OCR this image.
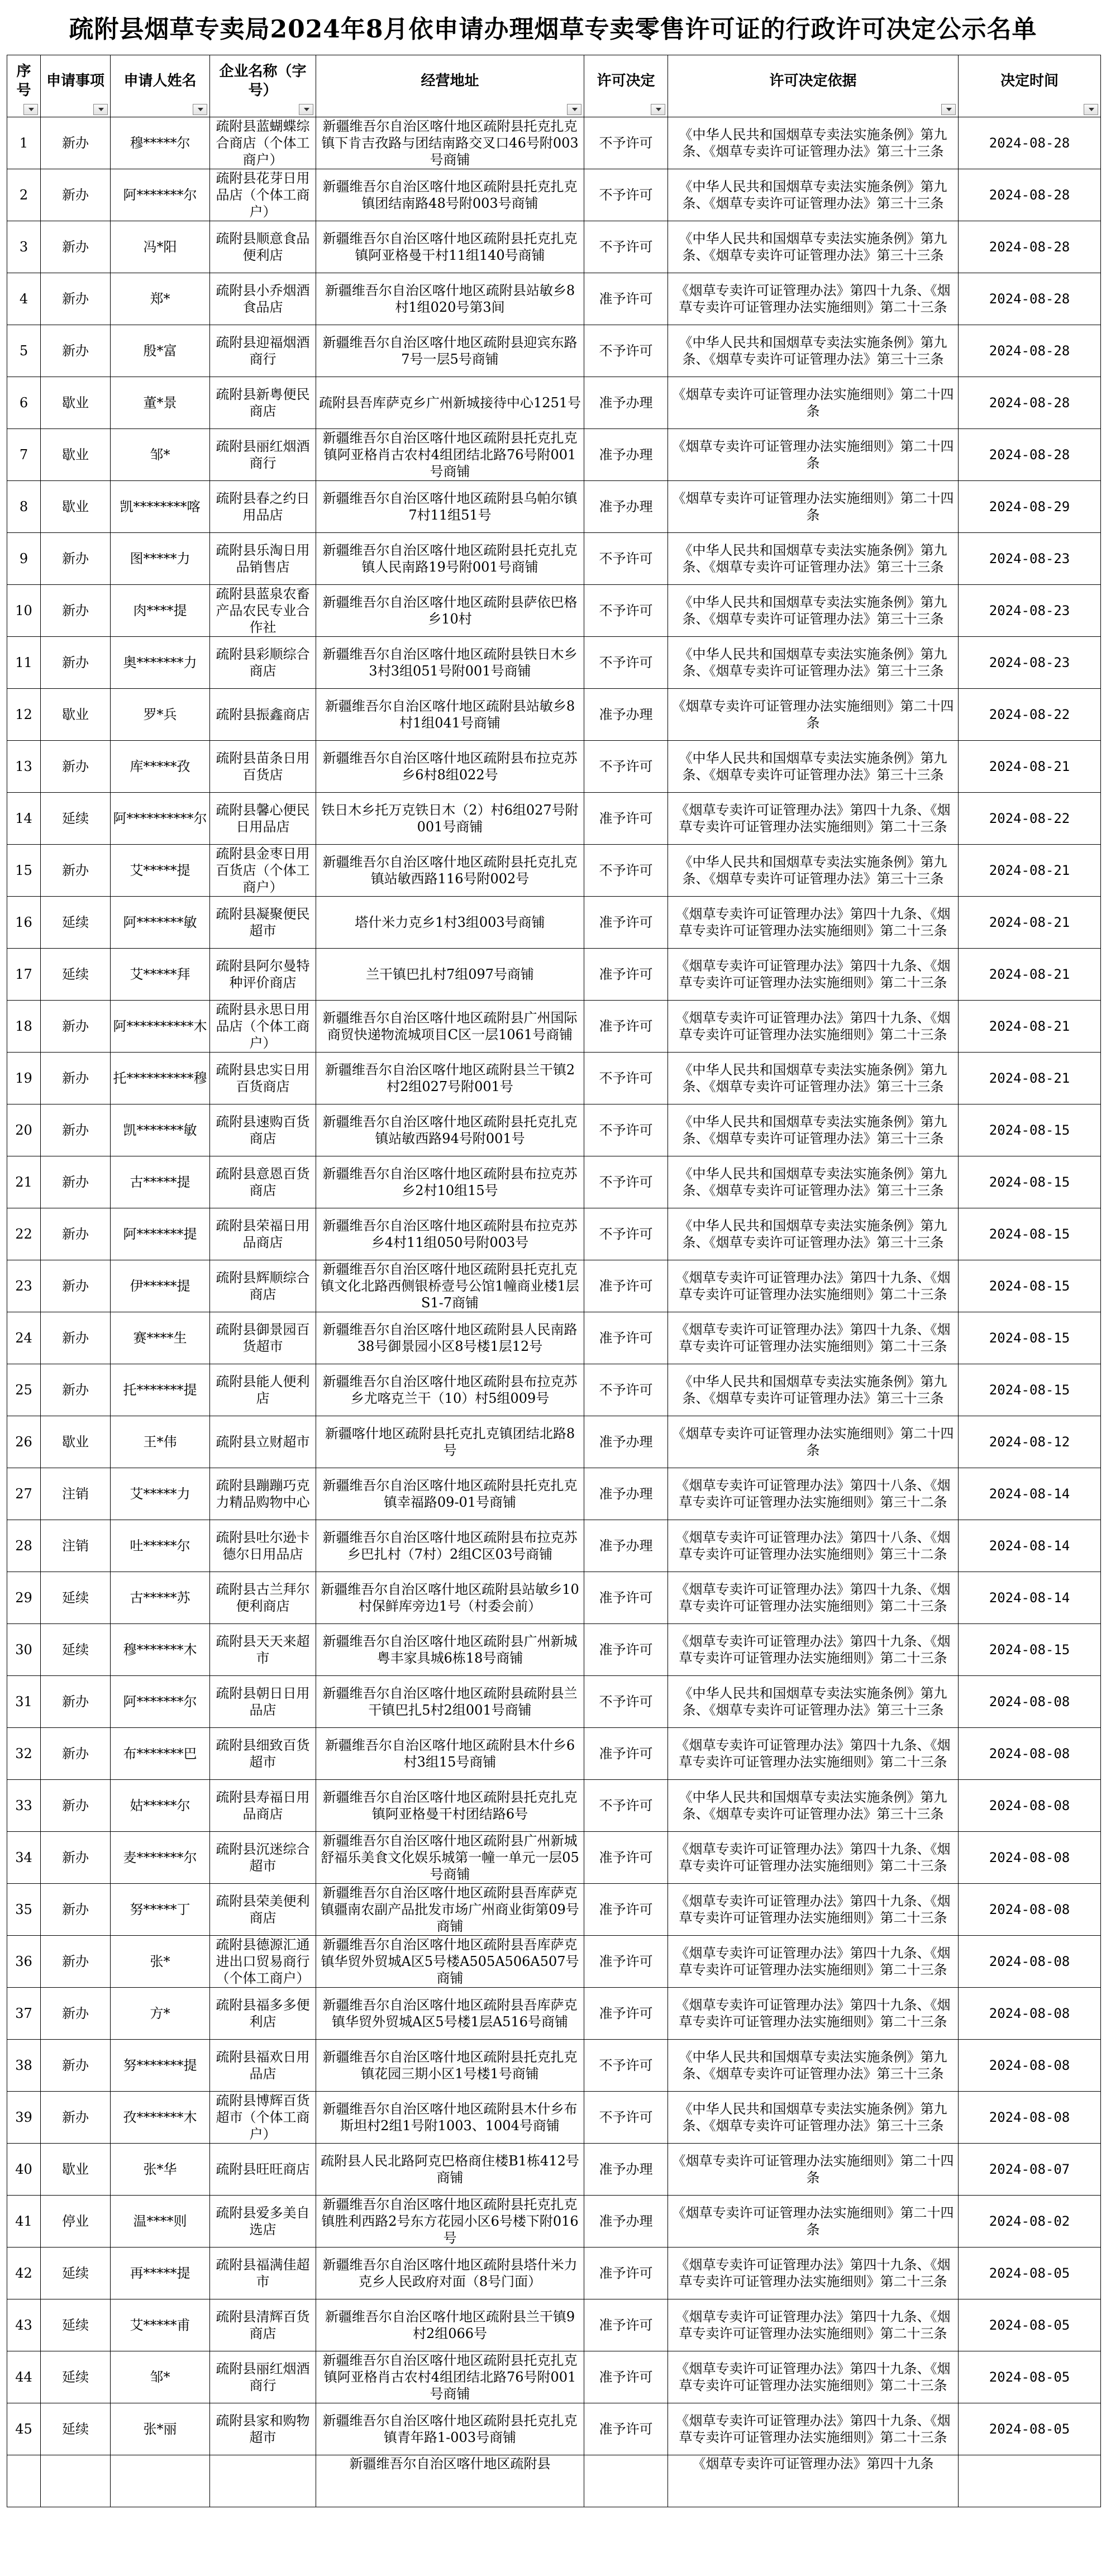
疏附县烟草专卖局2024年8月依申请办理烟草专卖零售许可证的行政许可决定公示名单
序号	申请事项	申请人姓名	企业名称（字号）	经营地址	许可决定	许可决定依据	决定时间

1	新办	穆*****尔	疏附县蓝蝴蝶综合商店（个体工商户）	新疆维吾尔自治区喀什地区疏附县托克扎克镇下肯吉孜路与团结南路交叉口46号附003号商铺	不予许可	《中华人民共和国烟草专卖法实施条例》第九条、《烟草专卖许可证管理办法》第三十三条	2024-08-28
2	新办	阿*******尔	疏附县花芽日用品店（个体工商户）	新疆维吾尔自治区喀什地区疏附县托克扎克镇团结南路48号附003号商铺	不予许可	《中华人民共和国烟草专卖法实施条例》第九条、《烟草专卖许可证管理办法》第三十三条	2024-08-28
3	新办	冯*阳	疏附县顺意食品便利店	新疆维吾尔自治区喀什地区疏附县托克扎克镇阿亚格曼干村11组140号商铺	不予许可	《中华人民共和国烟草专卖法实施条例》第九条、《烟草专卖许可证管理办法》第三十三条	2024-08-28
4	新办	郑*	疏附县小乔烟酒食品店	新疆维吾尔自治区喀什地区疏附县站敏乡8村1组020号第3间	准予许可	《烟草专卖许可证管理办法》第四十九条、《烟草专卖许可证管理办法实施细则》第二十三条	2024-08-28
5	新办	殷*富	疏附县迎福烟酒商行	新疆维吾尔自治区喀什地区疏附县迎宾东路7号一层5号商铺	不予许可	《中华人民共和国烟草专卖法实施条例》第九条、《烟草专卖许可证管理办法》第三十三条	2024-08-28
6	歇业	董*景	疏附县新粤便民商店	疏附县吾库萨克乡广州新城接待中心1251号	准予办理	《烟草专卖许可证管理办法实施细则》第二十四条	2024-08-28
7	歇业	邹*	疏附县丽红烟酒商行	新疆维吾尔自治区喀什地区疏附县托克扎克镇阿亚格肖古农村4组团结北路76号附001号商铺	准予办理	《烟草专卖许可证管理办法实施细则》第二十四条	2024-08-28
8	歇业	凯********喀	疏附县春之约日用品店	新疆维吾尔自治区喀什地区疏附县乌帕尔镇7村11组51号	准予办理	《烟草专卖许可证管理办法实施细则》第二十四条	2024-08-29
9	新办	图*****力	疏附县乐淘日用品销售店	新疆维吾尔自治区喀什地区疏附县托克扎克镇人民南路19号附001号商铺	不予许可	《中华人民共和国烟草专卖法实施条例》第九条、《烟草专卖许可证管理办法》第三十三条	2024-08-23
10	新办	肉****提	疏附县蓝泉农畜产品农民专业合作社	新疆维吾尔自治区喀什地区疏附县萨依巴格乡10村	不予许可	《中华人民共和国烟草专卖法实施条例》第九条、《烟草专卖许可证管理办法》第三十三条	2024-08-23
11	新办	奥*******力	疏附县彩顺综合商店	新疆维吾尔自治区喀什地区疏附县铁日木乡3村3组051号附001号商铺	不予许可	《中华人民共和国烟草专卖法实施条例》第九条、《烟草专卖许可证管理办法》第三十三条	2024-08-23
12	歇业	罗*兵	疏附县振鑫商店	新疆维吾尔自治区喀什地区疏附县站敏乡8村1组041号商铺	准予办理	《烟草专卖许可证管理办法实施细则》第二十四条	2024-08-22
13	新办	库*****孜	疏附县苗条日用百货店	新疆维吾尔自治区喀什地区疏附县布拉克苏乡6村8组022号	不予许可	《中华人民共和国烟草专卖法实施条例》第九条、《烟草专卖许可证管理办法》第三十三条	2024-08-21
14	延续	阿**********尔	疏附县馨心便民日用品店	铁日木乡托万克铁日木（2）村6组027号附001号商铺	准予许可	《烟草专卖许可证管理办法》第四十九条、《烟草专卖许可证管理办法实施细则》第二十三条	2024-08-22
15	新办	艾*****提	疏附县金枣日用百货店（个体工商户）	新疆维吾尔自治区喀什地区疏附县托克扎克镇站敏西路116号附002号	不予许可	《中华人民共和国烟草专卖法实施条例》第九条、《烟草专卖许可证管理办法》第三十三条	2024-08-21
16	延续	阿*******敏	疏附县凝聚便民超市	塔什米力克乡1村3组003号商铺	准予许可	《烟草专卖许可证管理办法》第四十九条、《烟草专卖许可证管理办法实施细则》第二十三条	2024-08-21
17	延续	艾*****拜	疏附县阿尔曼特种评价商店	兰干镇巴扎村7组097号商铺	准予许可	《烟草专卖许可证管理办法》第四十九条、《烟草专卖许可证管理办法实施细则》第二十三条	2024-08-21
18	新办	阿**********木	疏附县永思日用品店（个体工商户）	新疆维吾尔自治区喀什地区疏附县广州国际商贸快递物流城项目C区一层1061号商铺	准予许可	《烟草专卖许可证管理办法》第四十九条、《烟草专卖许可证管理办法实施细则》第二十三条	2024-08-21
19	新办	托**********穆	疏附县忠实日用百货商店	新疆维吾尔自治区喀什地区疏附县兰干镇2村2组027号附001号	不予许可	《中华人民共和国烟草专卖法实施条例》第九条、《烟草专卖许可证管理办法》第三十三条	2024-08-21
20	新办	凯*******敏	疏附县速购百货商店	新疆维吾尔自治区喀什地区疏附县托克扎克镇站敏西路94号附001号	不予许可	《中华人民共和国烟草专卖法实施条例》第九条、《烟草专卖许可证管理办法》第三十三条	2024-08-15
21	新办	古*****提	疏附县意恩百货商店	新疆维吾尔自治区喀什地区疏附县布拉克苏乡2村10组15号	不予许可	《中华人民共和国烟草专卖法实施条例》第九条、《烟草专卖许可证管理办法》第三十三条	2024-08-15
22	新办	阿*******提	疏附县荣福日用品商店	新疆维吾尔自治区喀什地区疏附县布拉克苏乡4村11组050号附003号	不予许可	《中华人民共和国烟草专卖法实施条例》第九条、《烟草专卖许可证管理办法》第三十三条	2024-08-15
23	新办	伊*****提	疏附县辉顺综合商店	新疆维吾尔自治区喀什地区疏附县托克扎克镇文化北路西侧银桥壹号公馆1幢商业楼1层S1-7商铺	准予许可	《烟草专卖许可证管理办法》第四十九条、《烟草专卖许可证管理办法实施细则》第二十三条	2024-08-15
24	新办	赛****生	疏附县御景园百货超市	新疆维吾尔自治区喀什地区疏附县人民南路38号御景园小区8号楼1层12号	准予许可	《烟草专卖许可证管理办法》第四十九条、《烟草专卖许可证管理办法实施细则》第二十三条	2024-08-15
25	新办	托*******提	疏附县能人便利店	新疆维吾尔自治区喀什地区疏附县布拉克苏乡尤喀克兰干（10）村5组009号	不予许可	《中华人民共和国烟草专卖法实施条例》第九条、《烟草专卖许可证管理办法》第三十三条	2024-08-15
26	歇业	王*伟	疏附县立财超市	新疆喀什地区疏附县托克扎克镇团结北路8号	准予办理	《烟草专卖许可证管理办法实施细则》第二十四条	2024-08-12
27	注销	艾*****力	疏附县蹦蹦巧克力精品购物中心	新疆维吾尔自治区喀什地区疏附县托克扎克镇幸福路09-01号商铺	准予办理	《烟草专卖许可证管理办法》第四十八条、《烟草专卖许可证管理办法实施细则》第三十二条	2024-08-14
28	注销	吐*****尔	疏附县吐尔逊卡德尔日用品店	新疆维吾尔自治区喀什地区疏附县布拉克苏乡巴扎村（7村）2组C区03号商铺	准予办理	《烟草专卖许可证管理办法》第四十八条、《烟草专卖许可证管理办法实施细则》第三十二条	2024-08-14
29	延续	古*****苏	疏附县古兰拜尔便利商店	新疆维吾尔自治区喀什地区疏附县站敏乡10村保鲜库旁边1号（村委会前）	准予许可	《烟草专卖许可证管理办法》第四十九条、《烟草专卖许可证管理办法实施细则》第二十三条	2024-08-14
30	延续	穆*******木	疏附县天天来超市	新疆维吾尔自治区喀什地区疏附县广州新城粤丰家具城6栋18号商铺	准予许可	《烟草专卖许可证管理办法》第四十九条、《烟草专卖许可证管理办法实施细则》第二十三条	2024-08-15
31	新办	阿*******尔	疏附县朝日日用品店	新疆维吾尔自治区喀什地区疏附县疏附县兰干镇巴扎5村2组001号商铺	不予许可	《中华人民共和国烟草专卖法实施条例》第九条、《烟草专卖许可证管理办法》第三十三条	2024-08-08
32	新办	布*******巴	疏附县细致百货超市	新疆维吾尔自治区喀什地区疏附县木什乡6村3组15号商铺	准予许可	《烟草专卖许可证管理办法》第四十九条、《烟草专卖许可证管理办法实施细则》第二十三条	2024-08-08
33	新办	姑*****尔	疏附县寿福日用品商店	新疆维吾尔自治区喀什地区疏附县托克扎克镇阿亚格曼干村团结路6号	不予许可	《中华人民共和国烟草专卖法实施条例》第九条、《烟草专卖许可证管理办法》第三十三条	2024-08-08
34	新办	麦*******尔	疏附县沉迷综合超市	新疆维吾尔自治区喀什地区疏附县广州新城舒福乐美食文化娱乐城第一幢一单元一层05号商铺	准予许可	《烟草专卖许可证管理办法》第四十九条、《烟草专卖许可证管理办法实施细则》第二十三条	2024-08-08
35	新办	努*****丁	疏附县荣美便利商店	新疆维吾尔自治区喀什地区疏附县吾库萨克镇疆南农副产品批发市场广州商业街第09号商铺	准予许可	《烟草专卖许可证管理办法》第四十九条、《烟草专卖许可证管理办法实施细则》第二十三条	2024-08-08
36	新办	张*	疏附县德源汇通进出口贸易商行（个体工商户）	新疆维吾尔自治区喀什地区疏附县吾库萨克镇华贸外贸城A区5号楼A505A506A507号商铺	准予许可	《烟草专卖许可证管理办法》第四十九条、《烟草专卖许可证管理办法实施细则》第二十三条	2024-08-08
37	新办	方*	疏附县福多多便利店	新疆维吾尔自治区喀什地区疏附县吾库萨克镇华贸外贸城A区5号楼1层A516号商铺	准予许可	《烟草专卖许可证管理办法》第四十九条、《烟草专卖许可证管理办法实施细则》第二十三条	2024-08-08
38	新办	努*******提	疏附县福欢日用品店	新疆维吾尔自治区喀什地区疏附县托克扎克镇花园三期小区1号楼1号商铺	不予许可	《中华人民共和国烟草专卖法实施条例》第九条、《烟草专卖许可证管理办法》第三十三条	2024-08-08
39	新办	孜*******木	疏附县博辉百货超市（个体工商户）	新疆维吾尔自治区喀什地区疏附县木什乡布斯坦村2组1号附1003、1004号商铺	不予许可	《中华人民共和国烟草专卖法实施条例》第九条、《烟草专卖许可证管理办法》第三十三条	2024-08-08
40	歇业	张*华	疏附县旺旺商店	疏附县人民北路阿克巴格商住楼B1栋412号商铺	准予办理	《烟草专卖许可证管理办法实施细则》第二十四条	2024-08-07
41	停业	温****则	疏附县爱多美自选店	新疆维吾尔自治区喀什地区疏附县托克扎克镇胜利西路2号东方花园小区6号楼下附016号	准予办理	《烟草专卖许可证管理办法实施细则》第二十四条	2024-08-02
42	延续	再*****提	疏附县福满佳超市	新疆维吾尔自治区喀什地区疏附县塔什米力克乡人民政府对面（8号门面）	准予许可	《烟草专卖许可证管理办法》第四十九条、《烟草专卖许可证管理办法实施细则》第二十三条	2024-08-05
43	延续	艾*****甫	疏附县清辉百货商店	新疆维吾尔自治区喀什地区疏附县兰干镇9村2组066号	准予许可	《烟草专卖许可证管理办法》第四十九条、《烟草专卖许可证管理办法实施细则》第二十三条	2024-08-05
44	延续	邹*	疏附县丽红烟酒商行	新疆维吾尔自治区喀什地区疏附县托克扎克镇阿亚格肖古农村4组团结北路76号附001号商铺	准予许可	《烟草专卖许可证管理办法》第四十九条、《烟草专卖许可证管理办法实施细则》第二十三条	2024-08-05
45	延续	张*丽	疏附县家和购物超市	新疆维吾尔自治区喀什地区疏附县托克扎克镇青年路1-003号商铺	准予许可	《烟草专卖许可证管理办法》第四十九条、《烟草专卖许可证管理办法实施细则》第二十三条	2024-08-05
				新疆维吾尔自治区喀什地区疏附县		《烟草专卖许可证管理办法》第四十九条	
